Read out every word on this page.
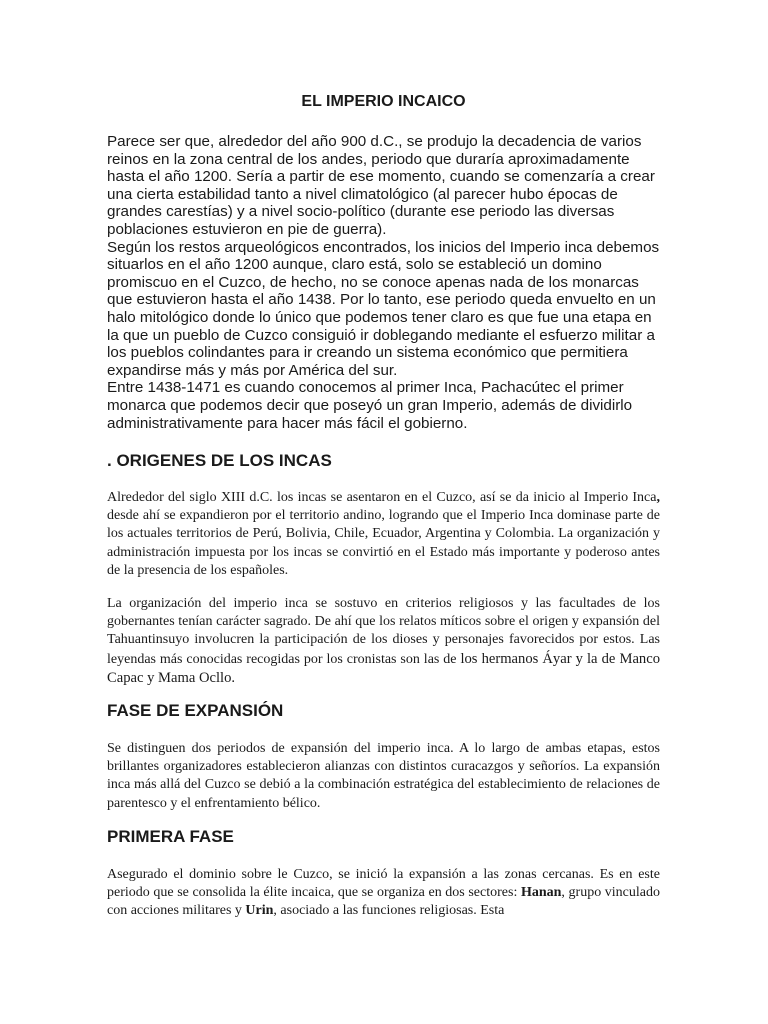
EL IMPERIO INCAICO

Parece ser que, alrededor del año 900 d.C., se produjo la decadencia de varios reinos en la zona central de los andes, periodo que duraría aproximadamente hasta el año 1200. Sería a partir de ese momento, cuando se comenzaría a crear una cierta estabilidad tanto a nivel climatológico (al parecer hubo épocas de grandes carestías) y a nivel socio-político (durante ese periodo las diversas poblaciones estuvieron en pie de guerra).

Según los restos arqueológicos encontrados, los inicios del Imperio inca debemos situarlos en el año 1200 aunque, claro está, solo se estableció un domino promiscuo en el Cuzco, de hecho, no se conoce apenas nada de los monarcas que estuvieron hasta el año 1438. Por lo tanto, ese periodo queda envuelto en un halo mitológico donde lo único que podemos tener claro es que fue una etapa en la que un pueblo de Cuzco consiguió ir doblegando mediante el esfuerzo militar a los pueblos colindantes para ir creando un sistema económico que permitiera expandirse más y más por América del sur.

Entre 1438-1471 es cuando conocemos al primer Inca, Pachacútec el primer monarca que podemos decir que poseyó un gran Imperio, además de dividirlo administrativamente para hacer más fácil el gobierno.

. ORIGENES DE LOS INCAS

Alrededor del siglo XIII d.C. los incas se asentaron en el Cuzco, así se da inicio al Imperio Inca, desde ahí se expandieron por el territorio andino, logrando que el Imperio Inca dominase parte de los actuales territorios de Perú, Bolivia, Chile, Ecuador, Argentina y Colombia. La organización y administración impuesta por los incas se convirtió en el Estado más importante y poderoso antes de la presencia de los españoles.

La organización del imperio inca se sostuvo en criterios religiosos y las facultades de los gobernantes tenían carácter sagrado. De ahí que los relatos míticos sobre el origen y expansión del Tahuantinsuyo involucren la participación de los dioses y personajes favorecidos por estos. Las leyendas más conocidas recogidas por los cronistas son las de los hermanos Áyar y la de Manco Capac y Mama Ocllo.

FASE DE EXPANSIÓN

Se distinguen dos periodos de expansión del imperio inca. A lo largo de ambas etapas, estos brillantes organizadores establecieron alianzas con distintos curacazgos y señoríos. La expansión inca más allá del Cuzco se debió a la combinación estratégica del establecimiento de relaciones de parentesco y el enfrentamiento bélico.

PRIMERA FASE

Asegurado el dominio sobre le Cuzco, se inició la expansión a las zonas cercanas. Es en este periodo que se consolida la élite incaica, que se organiza en dos sectores: Hanan, grupo vinculado con acciones militares y Urin, asociado a las funciones religiosas. Esta
